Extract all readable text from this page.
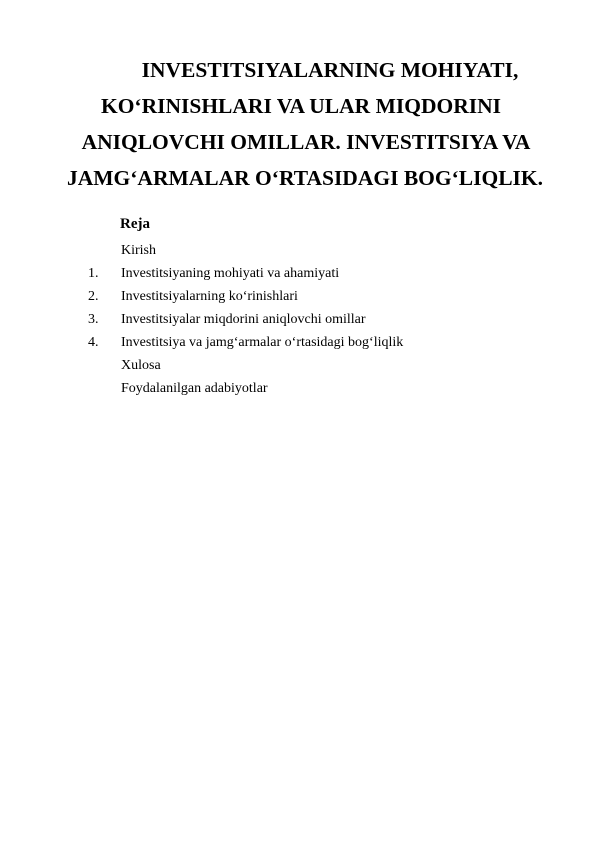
INVESTITSIYALARNING MOHIYATI,
KO‘RINISHLARI VA ULAR MIQDORINI
ANIQLOVCHI OMILLAR. INVESTITSIYA VA
JAMG‘ARMALAR O‘RTASIDAGI BOG‘LIQLIK.
Reja
Kirish
1. Investitsiyaning mohiyati va ahamiyati
2. Investitsiyalarning ko‘rinishlari
3. Investitsiyalar miqdorini aniqlovchi omillar
4. Investitsiya va jamg‘armalar o‘rtasidagi bog‘liqlik
Xulosa
Foydalanilgan adabiyotlar
